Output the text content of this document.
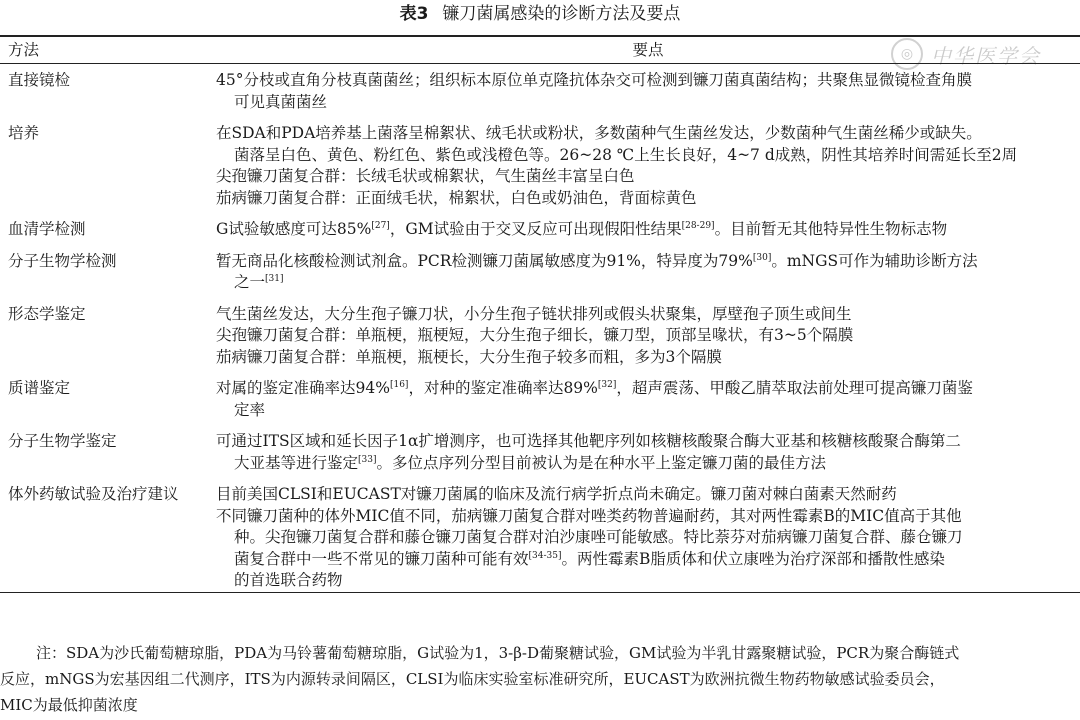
表3 镰刀菌属感染的诊断方法及要点
◎ 中华医学会
方法	要点

直接镜检	45°分枝或直角分枝真菌菌丝；组织标本原位单克隆抗体杂交可检测到镰刀菌真菌结构；共聚焦显微镜检查角膜
可见真菌菌丝

培养	在SDA和PDA培养基上菌落呈棉絮状、绒毛状或粉状，多数菌种气生菌丝发达，少数菌种气生菌丝稀少或缺失。
菌落呈白色、黄色、粉红色、紫色或浅橙色等。26~28 ℃上生长良好，4~7 d成熟，阴性其培养时间需延长至2周
尖孢镰刀菌复合群：长绒毛状或棉絮状，气生菌丝丰富呈白色
茄病镰刀菌复合群：正面绒毛状，棉絮状，白色或奶油色，背面棕黄色

血清学检测	G试验敏感度可达85%[27]，GM试验由于交叉反应可出现假阳性结果[28-29]。目前暂无其他特异性生物标志物

分子生物学检测	暂无商品化核酸检测试剂盒。PCR检测镰刀菌属敏感度为91%，特异度为79%[30]。mNGS可作为辅助诊断方法
之一[31]

形态学鉴定	气生菌丝发达，大分生孢子镰刀状，小分生孢子链状排列或假头状聚集，厚壁孢子顶生或间生
尖孢镰刀菌复合群：单瓶梗，瓶梗短，大分生孢子细长，镰刀型，顶部呈喙状，有3~5个隔膜
茄病镰刀菌复合群：单瓶梗，瓶梗长，大分生孢子较多而粗，多为3个隔膜

质谱鉴定	对属的鉴定准确率达94%[16]，对种的鉴定准确率达89%[32]，超声震荡、甲酸乙腈萃取法前处理可提高镰刀菌鉴
定率

分子生物学鉴定	可通过ITS区域和延长因子1α扩增测序，也可选择其他靶序列如核糖核酸聚合酶大亚基和核糖核酸聚合酶第二
大亚基等进行鉴定[33]。多位点序列分型目前被认为是在种水平上鉴定镰刀菌的最佳方法

体外药敏试验及治疗建议	目前美国CLSI和EUCAST对镰刀菌属的临床及流行病学折点尚未确定。镰刀菌对棘白菌素天然耐药
不同镰刀菌种的体外MIC值不同，茄病镰刀菌复合群对唑类药物普遍耐药，其对两性霉素B的MIC值高于其他
种。尖孢镰刀菌复合群和藤仓镰刀菌复合群对泊沙康唑可能敏感。特比萘芬对茄病镰刀菌复合群、藤仓镰刀
菌复合群中一些不常见的镰刀菌种可能有效[34-35]。两性霉素B脂质体和伏立康唑为治疗深部和播散性感染
的首选联合药物
注：SDA为沙氏葡萄糖琼脂，PDA为马铃薯葡萄糖琼脂，G试验为1，3-β-D葡聚糖试验，GM试验为半乳甘露聚糖试验，PCR为聚合酶链式
反应，mNGS为宏基因组二代测序，ITS为内源转录间隔区，CLSI为临床实验室标准研究所，EUCAST为欧洲抗微生物药物敏感试验委员会，
MIC为最低抑菌浓度
